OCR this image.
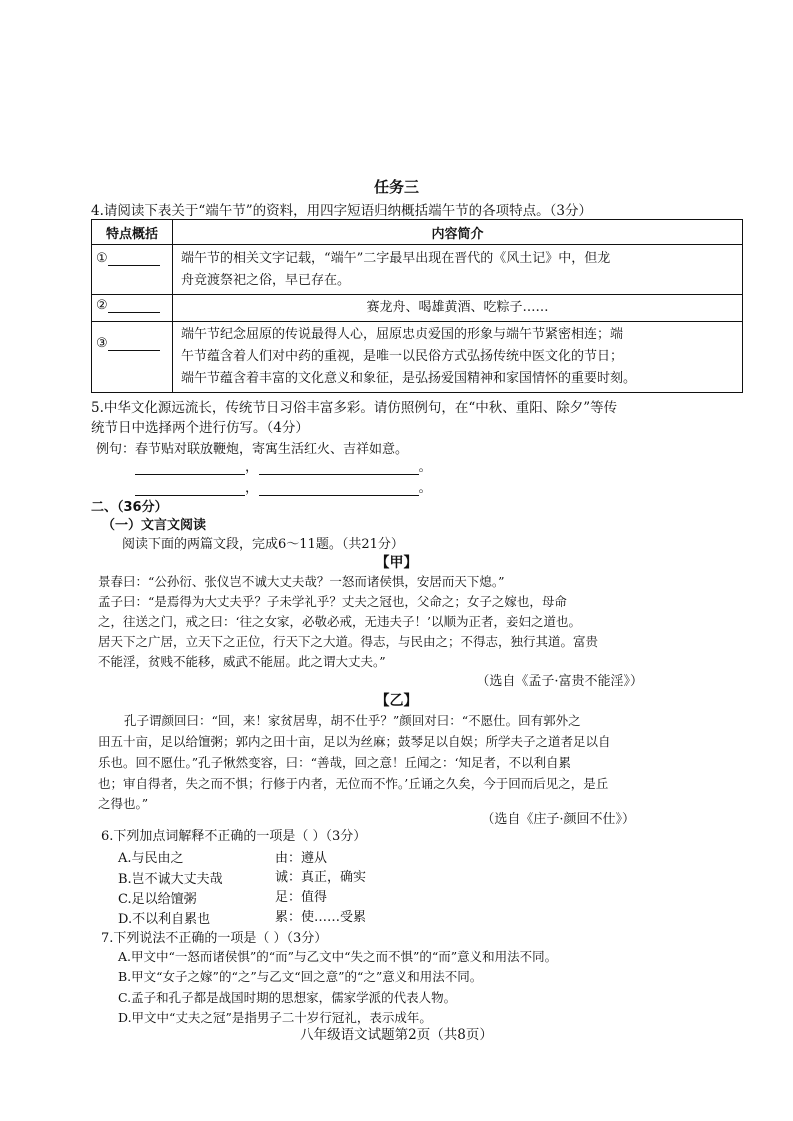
任务三
4.请阅读下表关于“端午节”的资料，用四字短语归纳概括端午节的各项特点。（3分）
特点概括	内容简介
①	端午节的相关文字记载，“端午”二字最早出现在晋代的《风土记》中，但龙
舟竞渡祭祀之俗，早已存在。

②	赛龙舟、喝雄黄酒、吃粽子……

③	端午节纪念屈原的传说最得人心，屈原忠贞爱国的形象与端午节紧密相连；端
午节蕴含着人们对中药的重视，是唯一以民俗方式弘扬传统中医文化的节日；
端午节蕴含着丰富的文化意义和象征，是弘扬爱国精神和家国情怀的重要时刻。
5.中华文化源远流长，传统节日习俗丰富多彩。请仿照例句，在“中秋、重阳、除夕”等传
统节日中选择两个进行仿写。（4分）
例句：春节贴对联放鞭炮，寄寓生活红火、吉祥如意。
，	。
，	。
二、（36分）
（一）文言文阅读
阅读下面的两篇文段，完成6～11题。（共21分）
【甲】
景春曰：“公孙衍、张仪岂不诚大丈夫哉？一怒而诸侯惧，安居而天下熄。”
孟子曰：“是焉得为大丈夫乎？子未学礼乎？丈夫之冠也，父命之；女子之嫁也，母命
之，往送之门，戒之曰：‘往之女家，必敬必戒，无违夫子！’以顺为正者，妾妇之道也。
居天下之广居，立天下之正位，行天下之大道。得志，与民由之；不得志，独行其道。富贵
不能淫，贫贱不能移，威武不能屈。此之谓大丈夫。”
（选自《孟子·富贵不能淫》）
【乙】
孔子谓颜回曰：“回，来！家贫居卑，胡不仕乎？”颜回对曰：“不愿仕。回有郭外之
田五十亩，足以给𫗴粥；郭内之田十亩，足以为丝麻；鼓琴足以自娱；所学夫子之道者足以自
乐也。回不愿仕。”孔子愀然变容，曰：“善哉，回之意！丘闻之：‘知足者，不以利自累
也；审自得者，失之而不惧；行修于内者，无位而不怍。’丘诵之久矣，今于回而后见之，是丘
之得也。”
（选自《庄子·颜回不仕》）
6.下列加点词解释不正确的一项是（ ）（3分）
A.与民由之	由：遵从
B.岂不诚大丈夫哉	诚：真正，确实
C.足以给𫗴粥	足：值得
D.不以利自累也	累：使……受累
7.下列说法不正确的一项是（ ）（3分）
A.甲文中“一怒而诸侯惧”的“而”与乙文中“失之而不惧”的“而”意义和用法不同。
B.甲文“女子之嫁”的“之”与乙文“回之意”的“之”意义和用法不同。
C.孟子和孔子都是战国时期的思想家，儒家学派的代表人物。
D.甲文中“丈夫之冠”是指男子二十岁行冠礼，表示成年。
八年级语文试题第2页（共8页）
